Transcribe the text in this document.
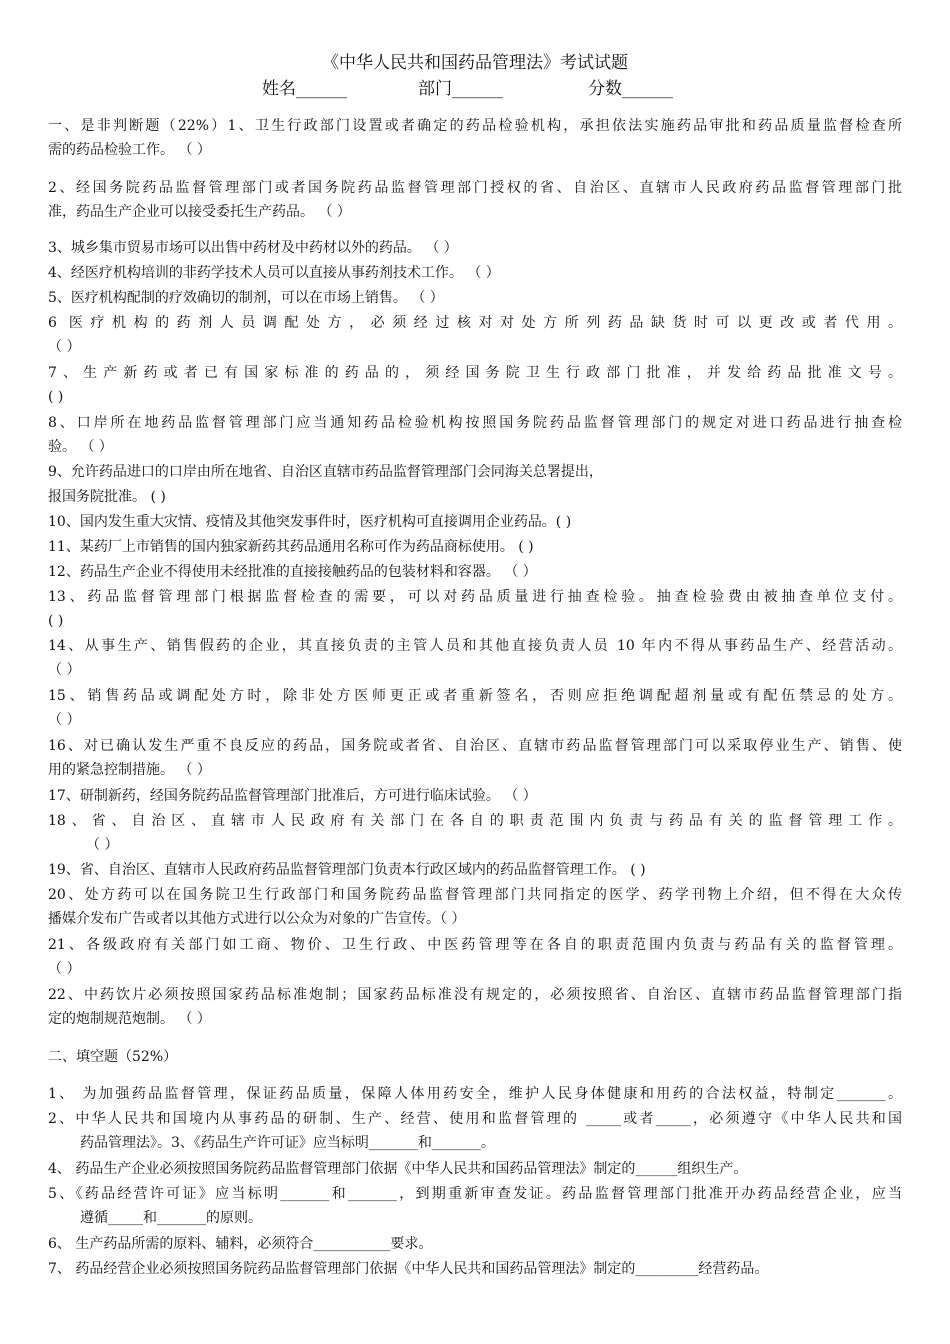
《中华人民共和国药品管理法》考试试题
姓名______	部门______	分数______
一、是非判断题（22%）1、卫生行政部门设置或者确定的药品检验机构，承担依法实施药品审批和药品质量监督检查所
需的药品检验工作。 （ ）
2、经国务院药品监督管理部门或者国务院药品监督管理部门授权的省、自治区、直辖市人民政府药品监督管理部门批
准，药品生产企业可以接受委托生产药品。 （ ）
3、城乡集市贸易市场可以出售中药材及中药材以外的药品。 （ ）
4、经医疗机构培训的非药学技术人员可以直接从事药剂技术工作。 （ ）
5、医疗机构配制的疗效确切的制剂，可以在市场上销售。 （ ）
6 医疗机构的药剂人员调配处方，必须经过核对对处方所列药品缺货时可以更改或者代用。
（ ）
7、生产新药或者已有国家标准的药品的，须经国务院卫生行政部门批准，并发给药品批准文号。
( )
8、口岸所在地药品监督管理部门应当通知药品检验机构按照国务院药品监督管理部门的规定对进口药品进行抽查检
验。 （ ）
9、允许药品进口的口岸由所在地省、自治区直辖市药品监督管理部门会同海关总署提出，
报国务院批准。 ( )
10、国内发生重大灾情、疫情及其他突发事件时，医疗机构可直接调用企业药品。( )
11、某药厂上市销售的国内独家新药其药品通用名称可作为药品商标使用。 ( )
12、药品生产企业不得使用未经批准的直接接触药品的包装材料和容器。 （ ）
13、药品监督管理部门根据监督检查的需要，可以对药品质量进行抽查检验。抽查检验费由被抽查单位支付。
( )
14、从事生产、销售假药的企业，其直接负责的主管人员和其他直接负责人员 10 年内不得从事药品生产、经营活动。
（ ）
15、销售药品或调配处方时，除非处方医师更正或者重新签名，否则应拒绝调配超剂量或有配伍禁忌的处方。
（ ）
16、对已确认发生严重不良反应的药品，国务院或者省、自治区、直辖市药品监督管理部门可以采取停业生产、销售、使
用的紧急控制措施。 （ ）
17、研制新药，经国务院药品监督管理部门批准后，方可进行临床试验。 （ ）
18、省、自治区、直辖市人民政府有关部门在各自的职责范围内负责与药品有关的监督管理工作。
（ ）
19、省、自治区、直辖市人民政府药品监督管理部门负责本行政区域内的药品监督管理工作。 ( )
20、处方药可以在国务院卫生行政部门和国务院药品监督管理部门共同指定的医学、药学刊物上介绍，但不得在大众传
播媒介发布广告或者以其他方式进行以公众为对象的广告宣传。（ ）
21、各级政府有关部门如工商、物价、卫生行政、中医药管理等在各自的职责范围内负责与药品有关的监督管理。
（ ）
22、中药饮片必须按照国家药品标准炮制；国家药品标准没有规定的，必须按照省、自治区、直辖市药品监督管理部门指
定的炮制规范炮制。 （ ）
二、填空题（52%）
1、 为加强药品监督管理，保证药品质量，保障人体用药安全，维护人民身体健康和用药的合法权益，特制定_______。
2、中华人民共和国境内从事药品的研制、生产、经营、使用和监督管理的 _____或者_____，必须遵守《中华人民共和国
药品管理法》。3、《药品生产许可证》应当标明_______和_______。
4、 药品生产企业必须按照国务院药品监督管理部门依据《中华人民共和国药品管理法》制定的______组织生产。
5、《药品经营许可证》应当标明_______和_______，到期重新审查发证。药品监督管理部门批准开办药品经营企业，应当
遵循_____和_______的原则。
6、 生产药品所需的原料、辅料，必须符合___________要求。
7、 药品经营企业必须按照国务院药品监督管理部门依据《中华人民共和国药品管理法》制定的_________经营药品。
